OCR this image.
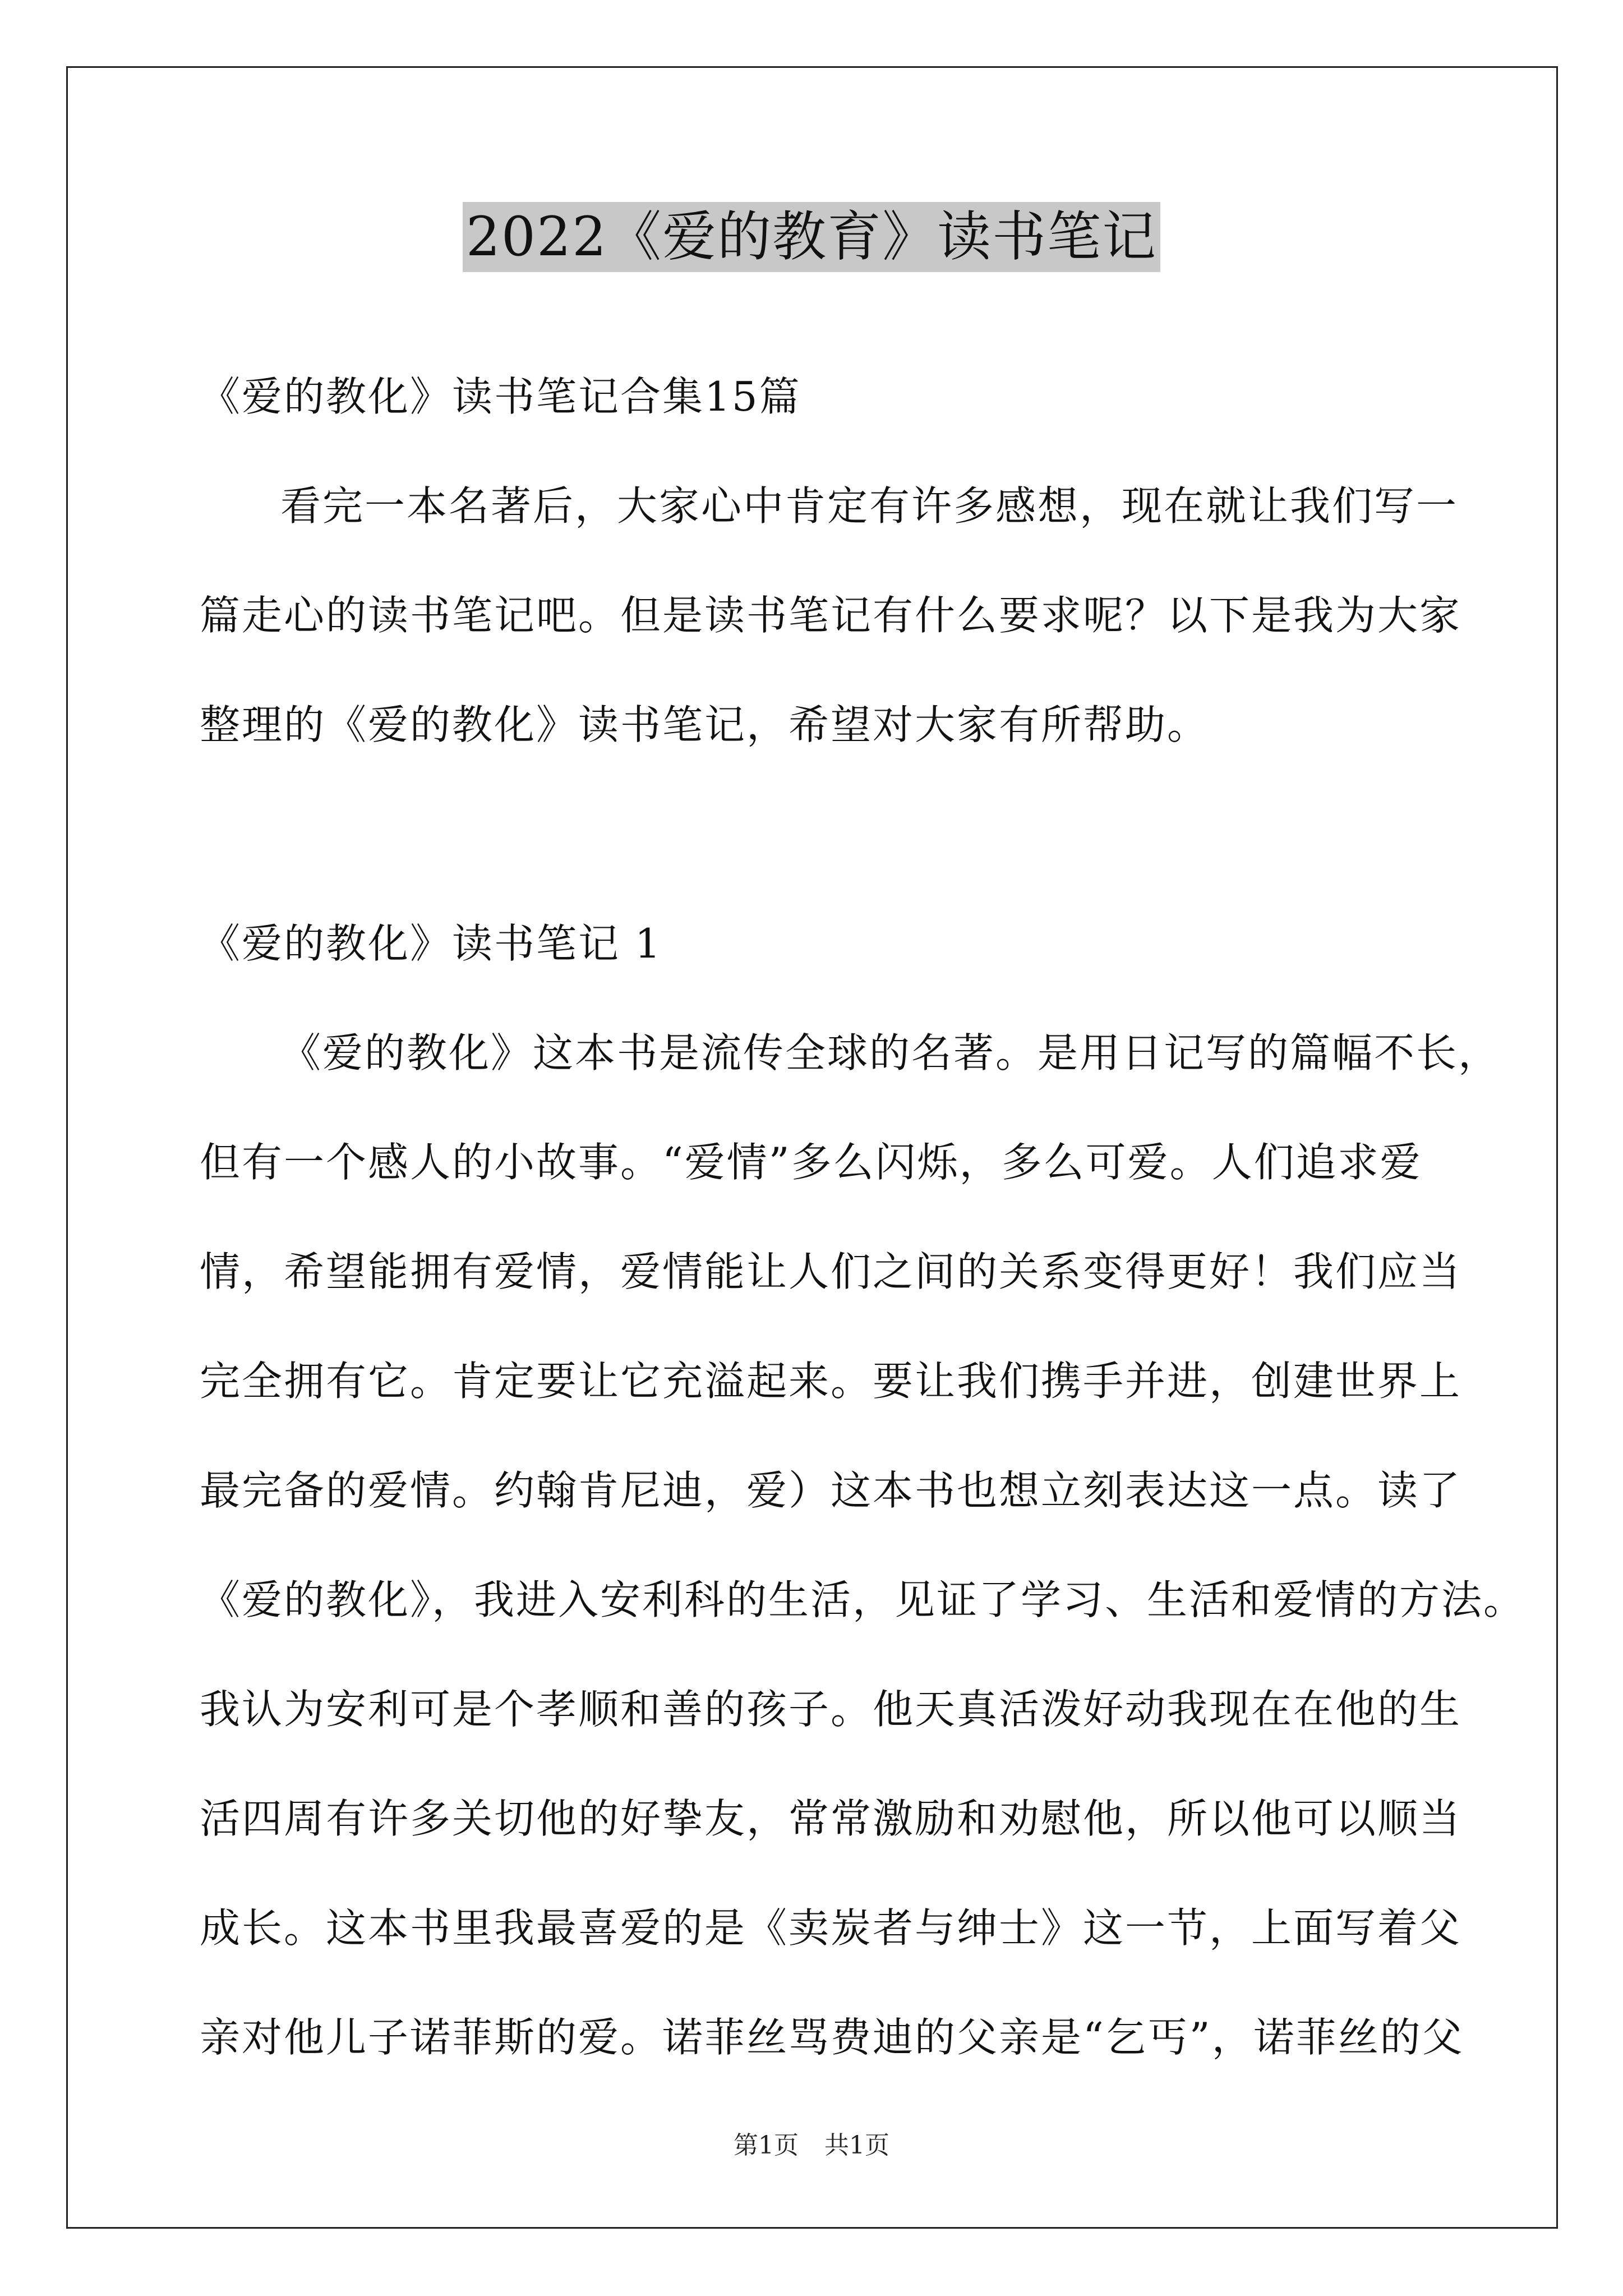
2022《爱的教育》读书笔记
《爱的教化》读书笔记合集15篇
看完一本名著后，大家心中肯定有许多感想，现在就让我们写一
篇走心的读书笔记吧。但是读书笔记有什么要求呢？以下是我为大家
整理的《爱的教化》读书笔记，希望对大家有所帮助。
《爱的教化》读书笔记 1
《爱的教化》这本书是流传全球的名著。是用日记写的篇幅不长，
但有一个感人的小故事。“爱情”多么闪烁，多么可爱。人们追求爱
情，希望能拥有爱情，爱情能让人们之间的关系变得更好！我们应当
完全拥有它。肯定要让它充溢起来。要让我们携手并进，创建世界上
最完备的爱情。约翰肯尼迪，爱）这本书也想立刻表达这一点。读了
《爱的教化》，我进入安利科的生活，见证了学习、生活和爱情的方法。
我认为安利可是个孝顺和善的孩子。他天真活泼好动我现在在他的生
活四周有许多关切他的好挚友，常常激励和劝慰他，所以他可以顺当
成长。这本书里我最喜爱的是《卖炭者与绅士》这一节，上面写着父
亲对他儿子诺菲斯的爱。诺菲丝骂费迪的父亲是“乞丐”，诺菲丝的父
第1页 共1页
